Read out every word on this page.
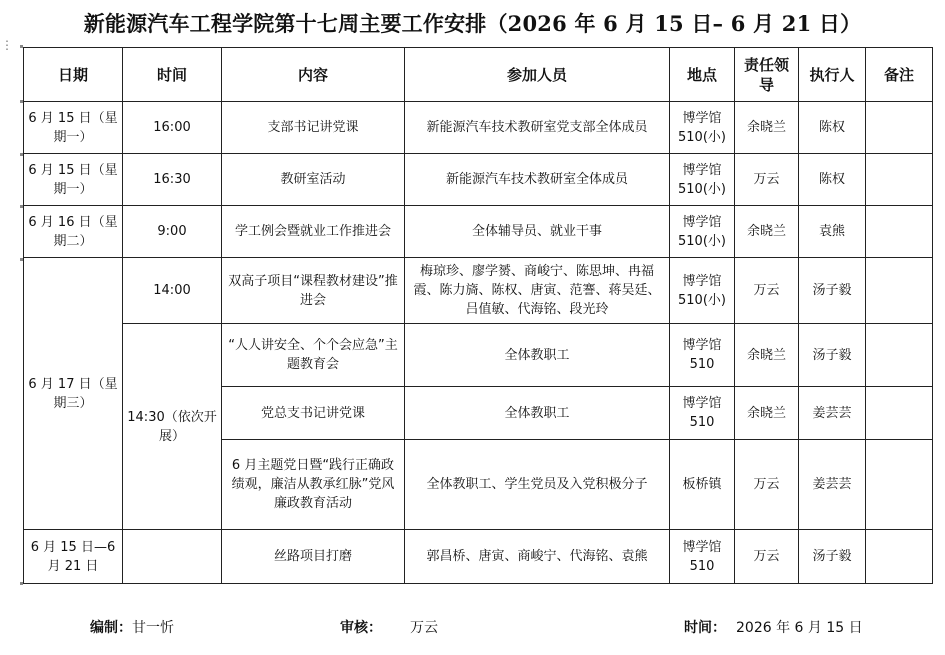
新能源汽车工程学院第十七周主要工作安排（2026 年 6 月 15 日– 6 月 21 日）
⋮
日期	时间	内容	参加人员	地点	责任领导	执行人	备注
6 月 15 日（星期一）	16:00	支部书记讲党课	新能源汽车技术教研室党支部全体成员	博学馆 510(小)	余晓兰	陈权	
6 月 15 日（星期一）	16:30	教研室活动	新能源汽车技术教研室全体成员	博学馆 510(小)	万云	陈权	
6 月 16 日（星期二）	9:00	学工例会暨就业工作推进会	全体辅导员、就业干事	博学馆 510(小)	余晓兰	袁熊	
6 月 17 日（星期三）	14:00	双高子项目“课程教材建设”推进会	梅琼珍、廖学赟、商峻宁、陈思坤、冉福霞、陈力旖、陈权、唐寅、范謇、蒋吴廷、吕值敏、代海铭、段光玲	博学馆 510(小)	万云	汤子毅	
	14:30（依次开展）	“人人讲安全、个个会应急”主题教育会	全体教职工	博学馆 510	余晓兰	汤子毅	
		党总支书记讲党课	全体教职工	博学馆 510	余晓兰	姜芸芸	
		6 月主题党日暨“践行正确政绩观，廉洁从教承红脉”党风廉政教育活动	全体教职工、学生党员及入党积极分子	板桥镇	万云	姜芸芸	
6 月 15 日—6 月 21 日		丝路项目打磨	郭昌桥、唐寅、商峻宁、代海铭、袁熊	博学馆 510	万云	汤子毅	
编制：甘一忻	审核： 万云	时间： 2026 年 6 月 15 日
